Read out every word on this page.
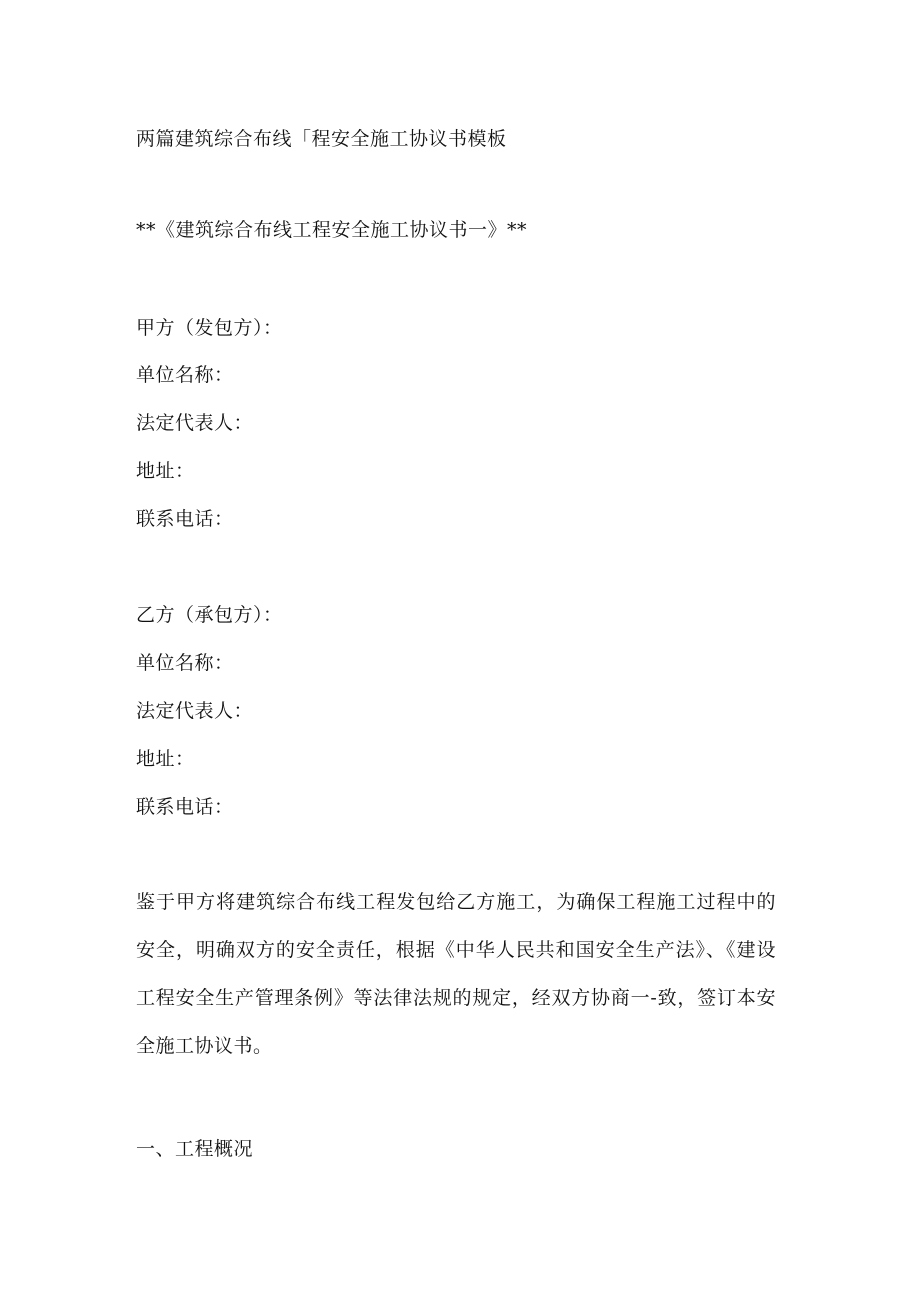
两篇建筑综合布线「程安全施工协议书模板
**《建筑综合布线工程安全施工协议书一》**
甲方（发包方）：
单位名称：
法定代表人：
地址：
联系电话：
乙方（承包方）：
单位名称：
法定代表人：
地址：
联系电话：
鉴于甲方将建筑综合布线工程发包给乙方施工，为确保工程施工过程中的安全，明确双方的安全责任，根据《中华人民共和国安全生产法》、《建设工程安全生产管理条例》等法律法规的规定，经双方协商一-致，签订本安全施工协议书。
一、工程概况
